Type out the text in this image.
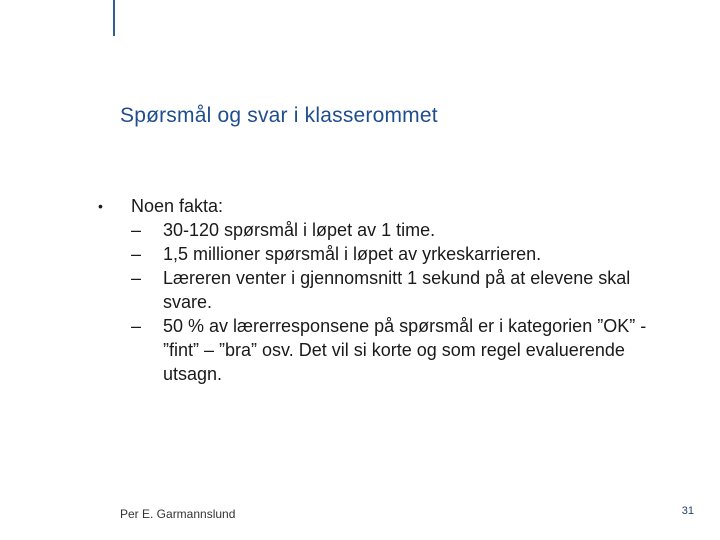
Spørsmål og svar i klasserommet
•	Noen fakta:
– 30-120 spørsmål i løpet av 1 time.
– 1,5 millioner spørsmål i løpet av yrkeskarrieren.
– Læreren venter i gjennomsnitt 1 sekund på at elevene skal svare.
– 50 % av lærerresponsene på spørsmål er i kategorien ”OK” - ”fint” – ”bra” osv. Det vil si korte og som regel evaluerende utsagn.
Per E. Garmannslund	31
